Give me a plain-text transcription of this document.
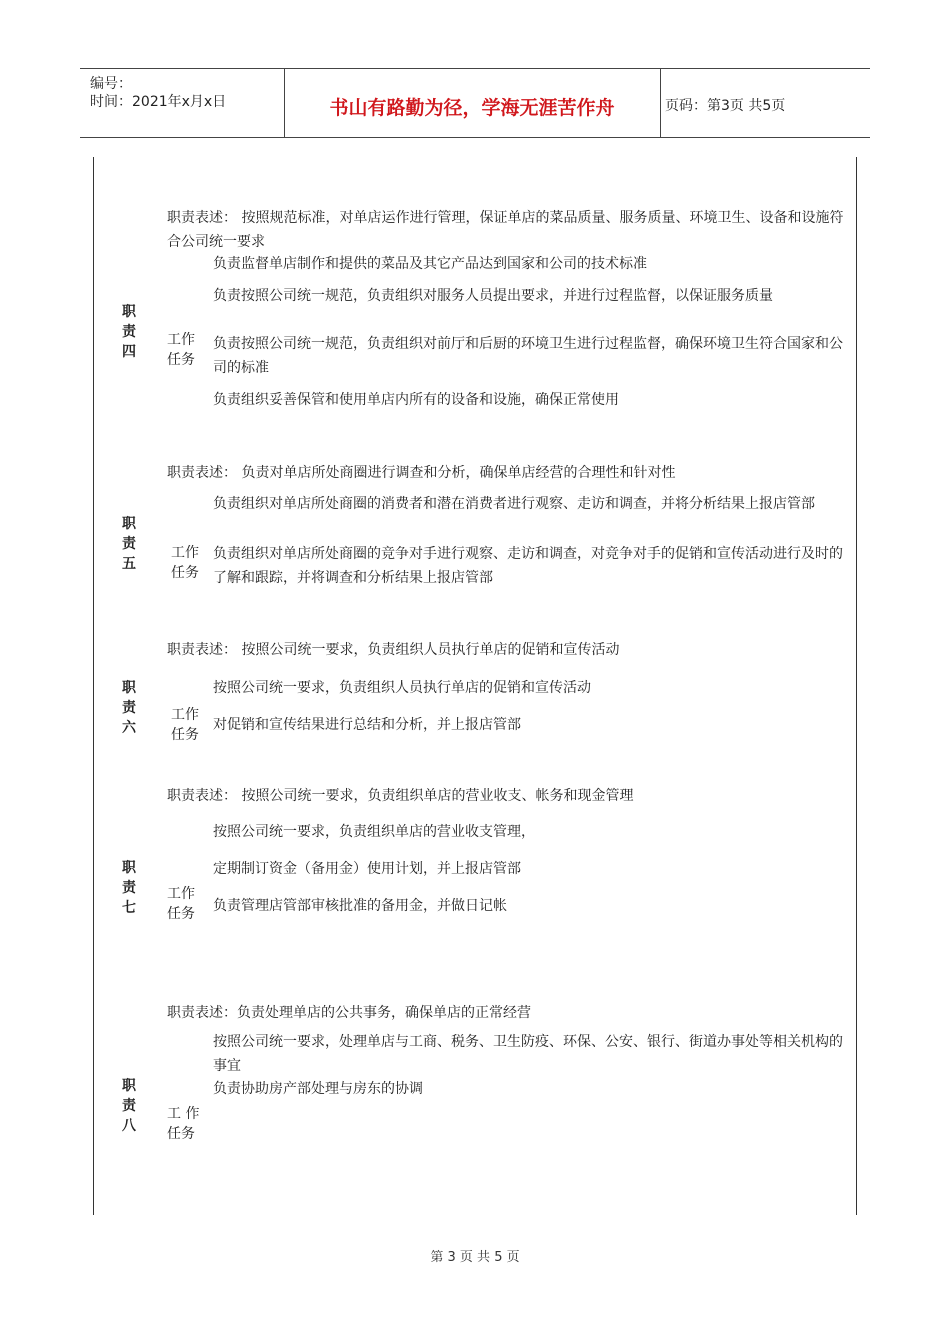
编号：
时间：2021年x月x日	书山有路勤为径，学海无涯苦作舟	页码：第3页 共5页
职责四
职责表述： 按照规范标准，对单店运作进行管理，保证单店的菜品质量、服务质量、环境卫生、设备和设施符合公司统一要求
工作任务
负责监督单店制作和提供的菜品及其它产品达到国家和公司的技术标准
负责按照公司统一规范，负责组织对服务人员提出要求，并进行过程监督，以保证服务质量
负责按照公司统一规范，负责组织对前厅和后厨的环境卫生进行过程监督，确保环境卫生符合国家和公司的标准
负责组织妥善保管和使用单店内所有的设备和设施，确保正常使用
职责五
职责表述： 负责对单店所处商圈进行调查和分析，确保单店经营的合理性和针对性
工作任务
负责组织对单店所处商圈的消费者和潜在消费者进行观察、走访和调查，并将分析结果上报店管部
负责组织对单店所处商圈的竞争对手进行观察、走访和调查，对竞争对手的促销和宣传活动进行及时的了解和跟踪，并将调查和分析结果上报店管部
职责六
职责表述： 按照公司统一要求，负责组织人员执行单店的促销和宣传活动
工作任务
按照公司统一要求，负责组织人员执行单店的促销和宣传活动
对促销和宣传结果进行总结和分析，并上报店管部
职责七
职责表述： 按照公司统一要求，负责组织单店的营业收支、帐务和现金管理
工作任务
按照公司统一要求，负责组织单店的营业收支管理，
定期制订资金（备用金）使用计划，并上报店管部
负责管理店管部审核批准的备用金，并做日记帐
职责八
职责表述：负责处理单店的公共事务，确保单店的正常经营
工 作任务
按照公司统一要求，处理单店与工商、税务、卫生防疫、环保、公安、银行、街道办事处等相关机构的事宜
负责协助房产部处理与房东的协调
第 3 页 共 5 页
